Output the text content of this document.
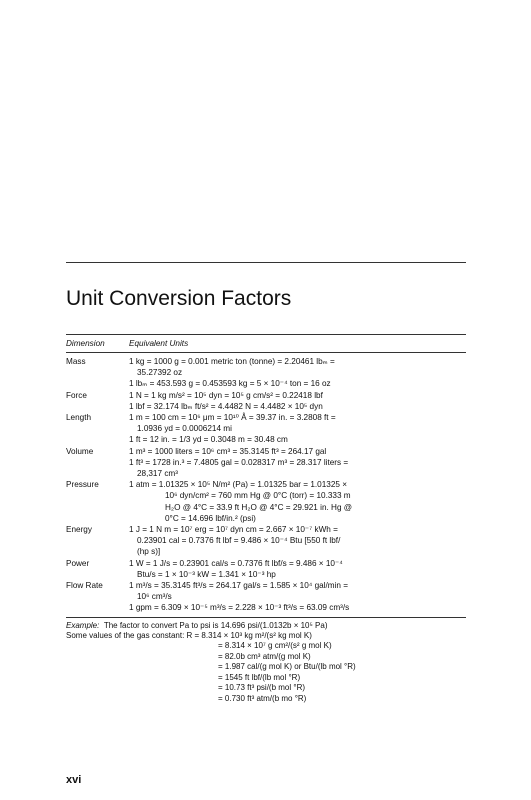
Unit Conversion Factors
Dimension	Equivalent Units
Mass	1 kg = 1000 g = 0.001 metric ton (tonne) = 2.20461 lbₘ =
35.27392 oz
1 lbₘ = 453.593 g = 0.453593 kg = 5 × 10⁻⁴ ton = 16 oz
Force	1 N = 1 kg m/s² = 10⁵ dyn = 10⁵ g cm/s² = 0.22418 lbf
1 lbf = 32.174 lbₘ ft/s² = 4.4482 N = 4.4482 × 10⁵ dyn
Length	1 m = 100 cm = 10⁶ μm = 10¹⁰ Å = 39.37 in. = 3.2808 ft =
1.0936 yd = 0.0006214 mi
1 ft = 12 in. = 1/3 yd = 0.3048 m = 30.48 cm
Volume	1 m³ = 1000 liters = 10⁶ cm³ = 35.3145 ft³ = 264.17 gal
1 ft³ = 1728 in.³ = 7.4805 gal = 0.028317 m³ = 28.317 liters =
28,317 cm³
Pressure	1 atm = 1.01325 × 10⁵ N/m² (Pa) = 1.01325 bar = 1.01325 ×
10⁶ dyn/cm² = 760 mm Hg @ 0°C (torr) = 10.333 m
H₂O @ 4°C = 33.9 ft H₂O @ 4°C = 29.921 in. Hg @
0°C = 14.696 lbf/in.² (psi)
Energy	1 J = 1 N m = 10⁷ erg = 10⁷ dyn cm = 2.667 × 10⁻⁷ kWh =
0.23901 cal = 0.7376 ft lbf = 9.486 × 10⁻⁴ Btu [550 ft lbf/
(hp s)]
Power	1 W = 1 J/s = 0.23901 cal/s = 0.7376 ft lbf/s = 9.486 × 10⁻⁴
Btu/s = 1 × 10⁻³ kW = 1.341 × 10⁻³ hp
Flow Rate	1 m³/s = 35.3145 ft³/s = 264.17 gal/s = 1.585 × 10⁴ gal/min =
10⁶ cm³/s
1 gpm = 6.309 × 10⁻⁵ m³/s = 2.228 × 10⁻³ ft³/s = 63.09 cm³/s
Example: The factor to convert Pa to psi is 14.696 psi/(1.0132b × 10⁵ Pa)
Some values of the gas constant: R = 8.314 × 10³ kg m²/(s² kg mol K)
= 8.314 × 10⁷ g cm²/(s² g mol K)
= 82.0b cm³ atm/(g mol K)
= 1.987 cal/(g mol K) or Btu/(lb mol °R)
= 1545 ft lbf/(lb mol °R)
= 10.73 ft³ psi/(b mol °R)
= 0.730 ft³ atm/(b mo °R)
xvi
